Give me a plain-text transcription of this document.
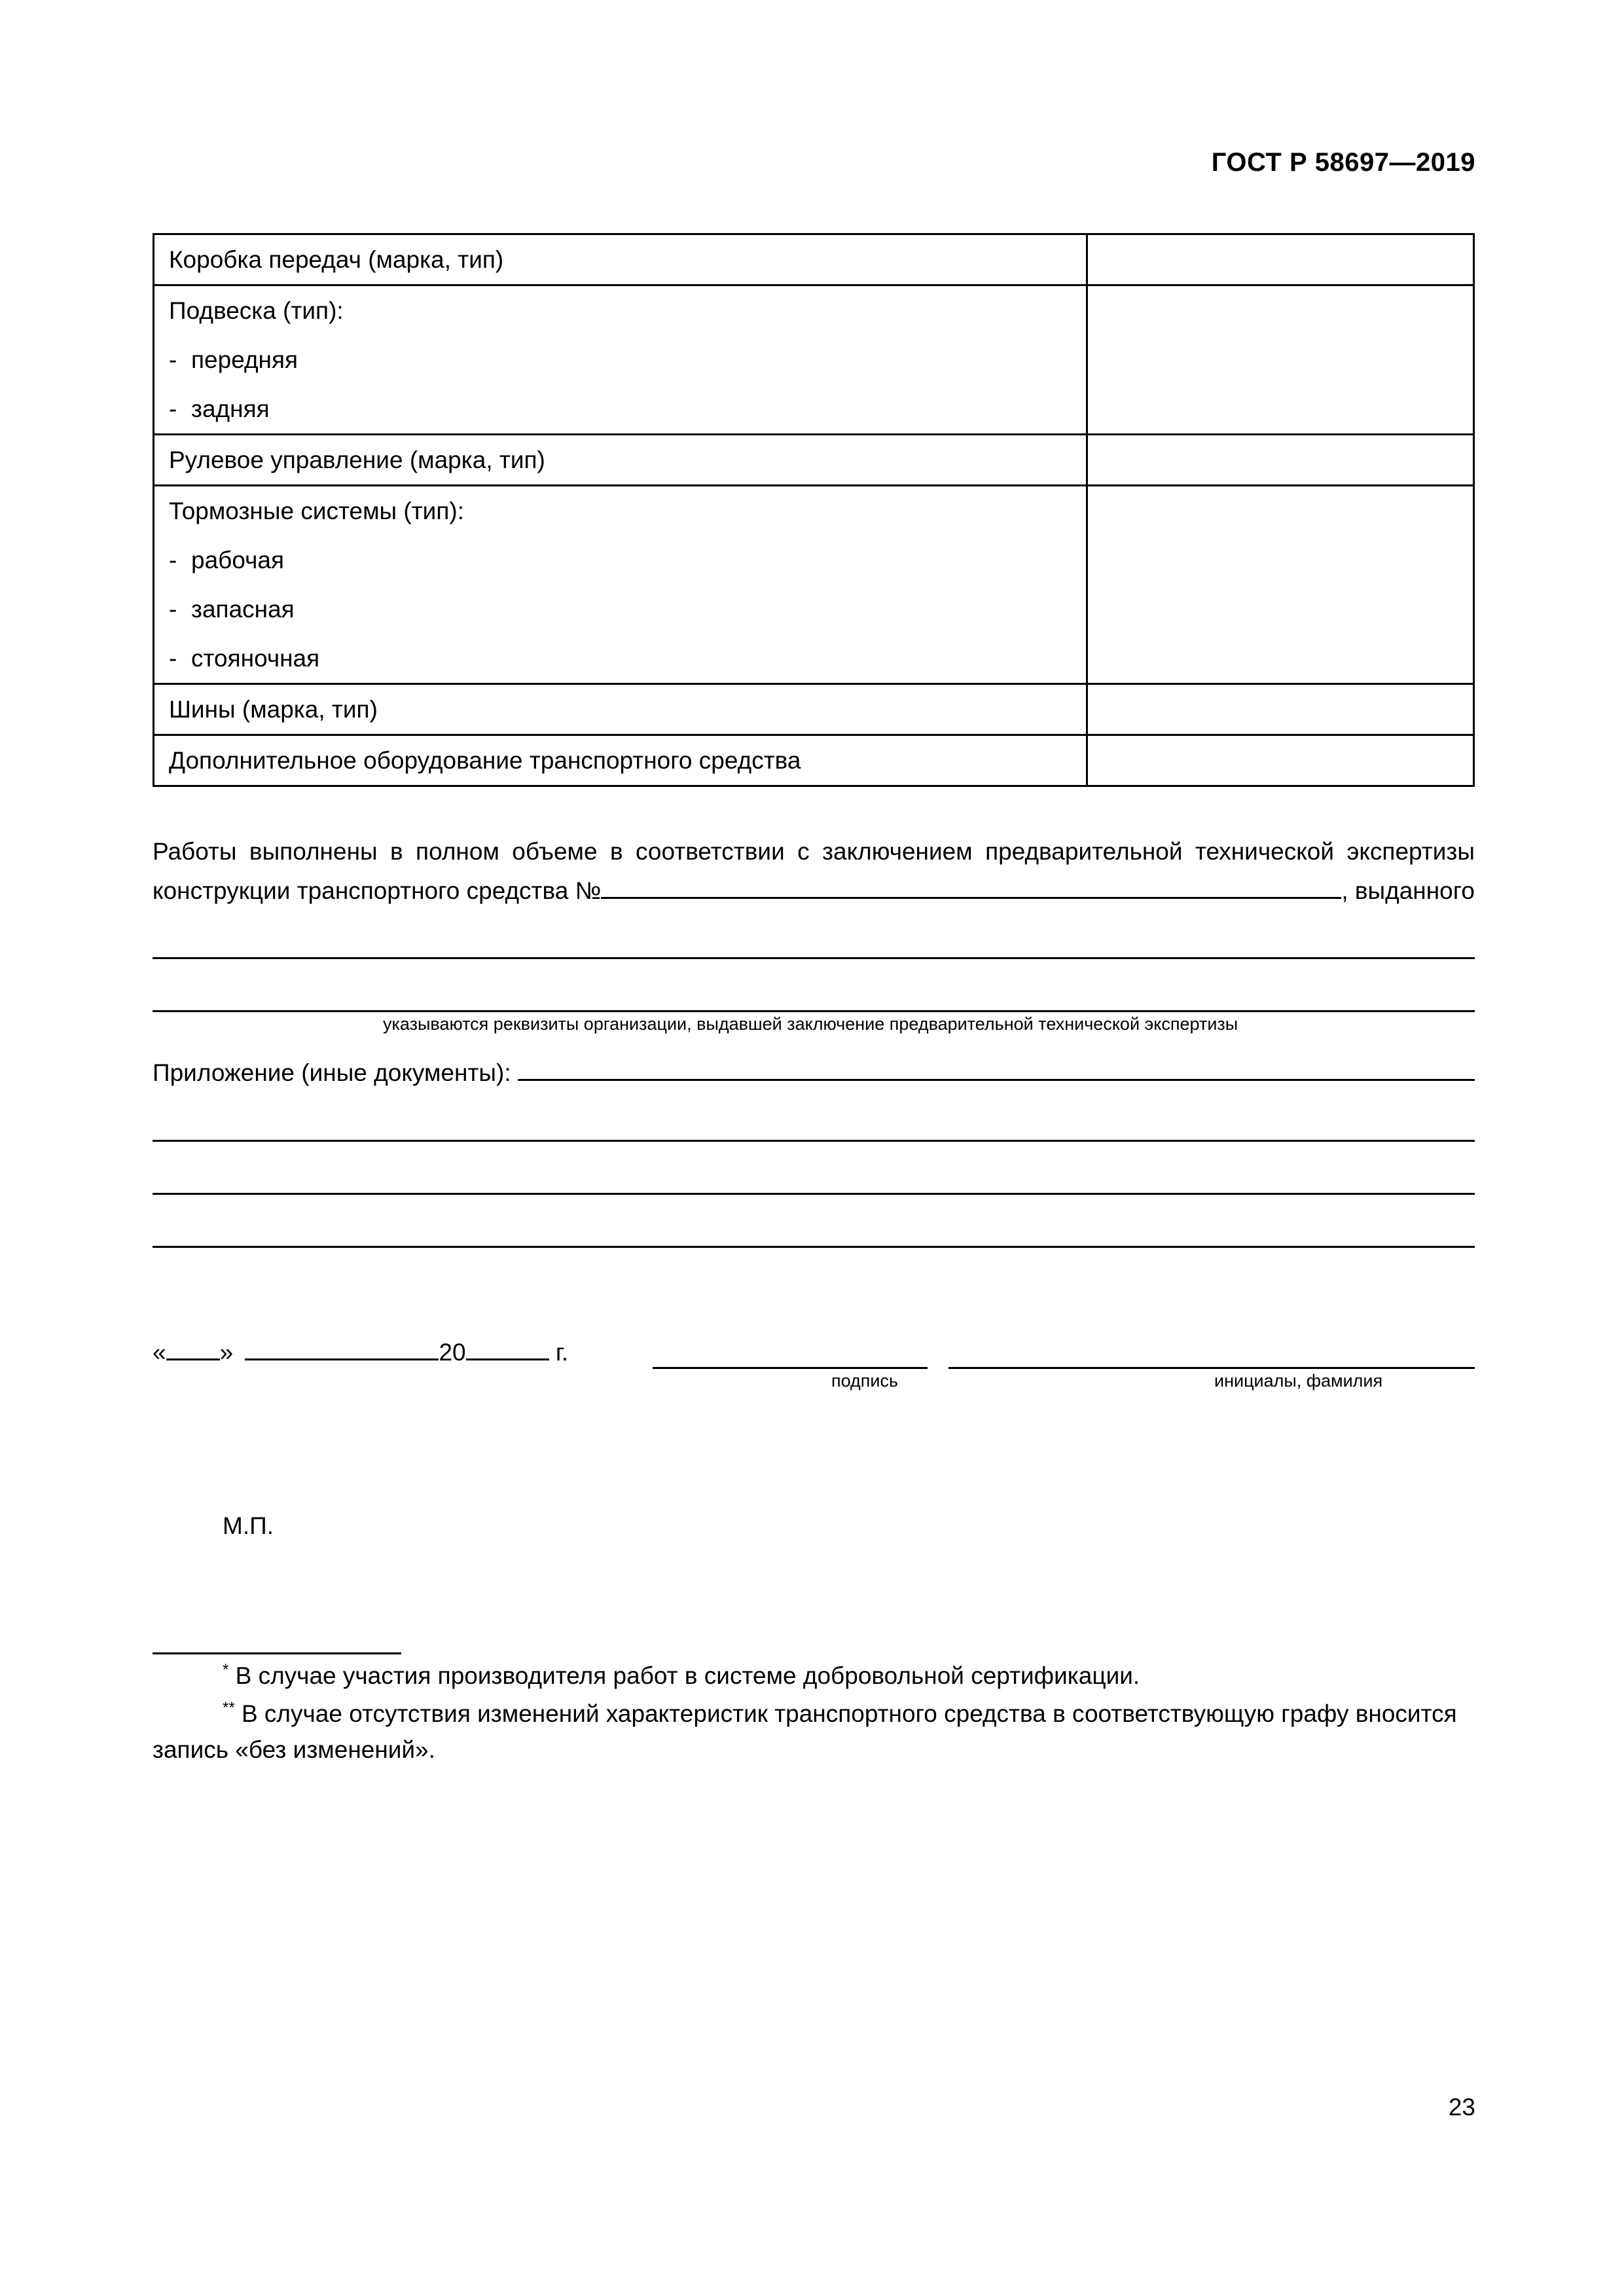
ГОСТ Р 58697—2019
Коробка передач (марка, тип)	

Подвеска (тип):
- передняя
- задняя	

Рулевое управление (марка, тип)	

Тормозные системы (тип):
- рабочая
- запасная
- стояночная	

Шины (марка, тип)	

Дополнительное оборудование транспортного средства	

Работы выполнены в полном объеме в соответствии с заключением предварительной технической экспертизы
конструкции транспортного средства №	, выданного
указываются реквизиты организации, выдавшей заключение предварительной технической экспертизы
Приложение (иные документы):
« »	20	г.
подпись	инициалы, фамилия
М.П.
* В случае участия производителя работ в системе добровольной сертификации.
** В случае отсутствия изменений характеристик транспортного средства в соответствующую графу вносится запись «без изменений».
23
